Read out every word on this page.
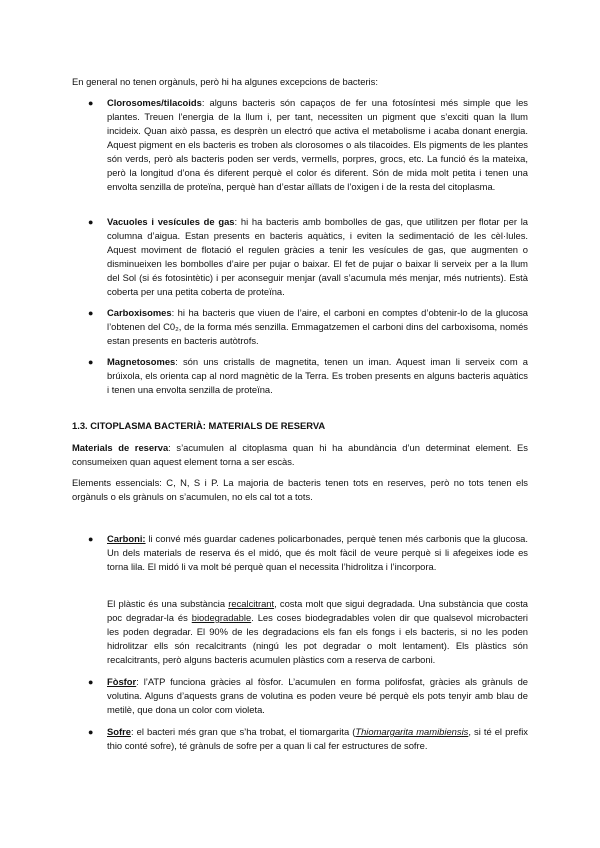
En general no tenen orgànuls, però hi ha algunes excepcions de bacteris:

●	Clorosomes/tilacoids: alguns bacteris són capaços de fer una fotosíntesi més simple que les plantes. Treuen l’energia de la llum i, per tant, necessiten un pigment que s’exciti quan la llum incideix. Quan això passa, es desprèn un electró que activa el metabolisme i acaba donant energia. Aquest pigment en els bacteris es troben als clorosomes o als tilacoides. Els pigments de les plantes són verds, però als bacteris poden ser verds, vermells, porpres, grocs, etc. La funció és la mateixa, però la longitud d’ona és diferent perquè el color és diferent. Són de mida molt petita i tenen una envolta senzilla de proteïna, perquè han d’estar aïllats de l’oxigen i de la resta del citoplasma.
●	Vacuoles i vesícules de gas: hi ha bacteris amb bombolles de gas, que utilitzen per flotar per la columna d’aigua. Estan presents en bacteris aquàtics, i eviten la sedimentació de les cèl·lules. Aquest moviment de flotació el regulen gràcies a tenir les vesícules de gas, que augmenten o disminueixen les bombolles d’aire per pujar o baixar. El fet de pujar o baixar li serveix per a la llum del Sol (si és fotosintètic) i per aconseguir menjar (avall s’acumula més menjar, més nutrients). Està coberta per una petita coberta de proteïna.
●	Carboxisomes: hi ha bacteris que viuen de l’aire, el carboni en comptes d’obtenir-lo de la glucosa l’obtenen del C0₂, de la forma més senzilla. Emmagatzemen el carboni dins del carboxisoma, només estan presents en bacteris autòtrofs.
●	Magnetosomes: són uns cristalls de magnetita, tenen un iman. Aquest iman li serveix com a brúixola, els orienta cap al nord magnètic de la Terra. Es troben presents en alguns bacteris aquàtics i tenen una envolta senzilla de proteïna.

1.3. CITOPLASMA BACTERIÀ: MATERIALS DE RESERVA

Materials de reserva: s’acumulen al citoplasma quan hi ha abundància d’un determinat element. Es consumeixen quan aquest element torna a ser escàs.

Elements essencials: C, N, S i P. La majoria de bacteris tenen tots en reserves, però no tots tenen els orgànuls o els grànuls on s’acumulen, no els cal tot a tots.

●	Carboni: li convé més guardar cadenes policarbonades, perquè tenen més carbonis que la glucosa. Un dels materials de reserva és el midó, que és molt fàcil de veure perquè si li afegeixes iode es torna lila. El midó li va molt bé perquè quan el necessita l’hidrolitza i l’incorpora.

El plàstic és una substància recalcitrant, costa molt que sigui degradada. Una substància que costa poc degradar-la és biodegradable. Les coses biodegradables volen dir que qualsevol microbacteri les poden degradar. El 90% de les degradacions els fan els fongs i els bacteris, si no les poden hidrolitzar ells són recalcitrants (ningú les pot degradar o molt lentament). Els plàstics són recalcitrants, però alguns bacteris acumulen plàstics com a reserva de carboni.

●	Fòsfor: l’ATP funciona gràcies al fòsfor. L’acumulen en forma polifosfat, gràcies als grànuls de volutina. Alguns d’aquests grans de volutina es poden veure bé perquè els pots tenyir amb blau de metilè, que dona un color com violeta.
●	Sofre: el bacteri més gran que s’ha trobat, el tiomargarita (Thiomargarita mamibiensis, si té el prefix thio conté sofre), té grànuls de sofre per a quan li cal fer estructures de sofre.
